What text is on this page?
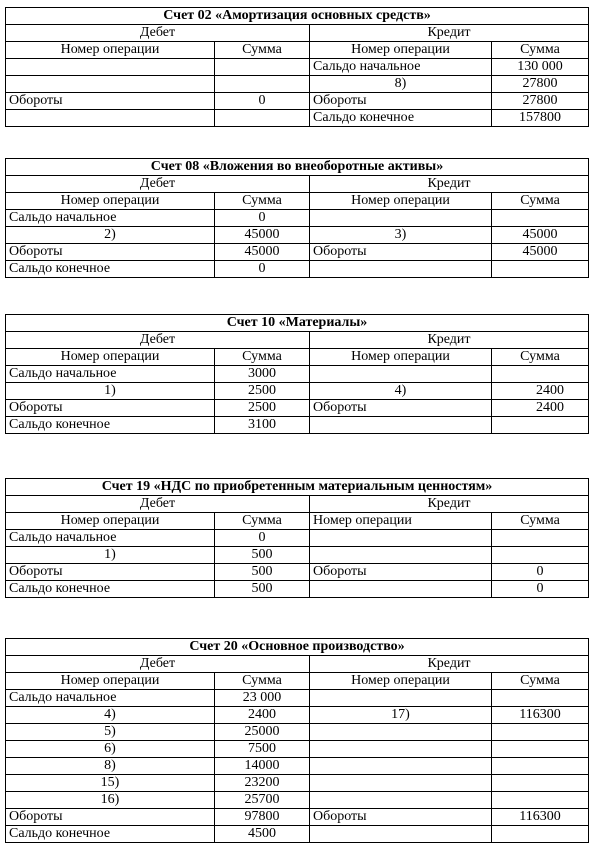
Счет 02 «Амортизация основных средств»			
Дебет		Кредит	
Номер операции	Сумма	Номер операции	Сумма
		Сальдо начальное	130 000
		8)	27800
Обороты	0	Обороты	27800
		Сальдо конечное	157800
Счет 08 «Вложения во внеоборотные активы»			
Дебет		Кредит	
Номер операции	Сумма	Номер операции	Сумма
Сальдо начальное	0		
2)	45000	3)	45000
Обороты	45000	Обороты	45000
Сальдо конечное	0		
Счет 10 «Материалы»			
Дебет		Кредит	
Номер операции	Сумма	Номер операции	Сумма
Сальдо начальное	3000		
1)	2500	4)	2400
Обороты	2500	Обороты	2400
Сальдо конечное	3100		
Счет 19 «НДС по приобретенным материальным ценностям»			
Дебет		Кредит	
Номер операции	Сумма	Номер операции	Сумма
Сальдо начальное	0		
1)	500		
Обороты	500	Обороты	0
Сальдо конечное	500		0
Счет 20 «Основное производство»			
Дебет		Кредит	
Номер операции	Сумма	Номер операции	Сумма
Сальдо начальное	23 000		
4)	2400	17)	116300
5)	25000		
6)	7500		
8)	14000		
15)	23200		
16)	25700		
Обороты	97800	Обороты	116300
Сальдо конечное	4500		
